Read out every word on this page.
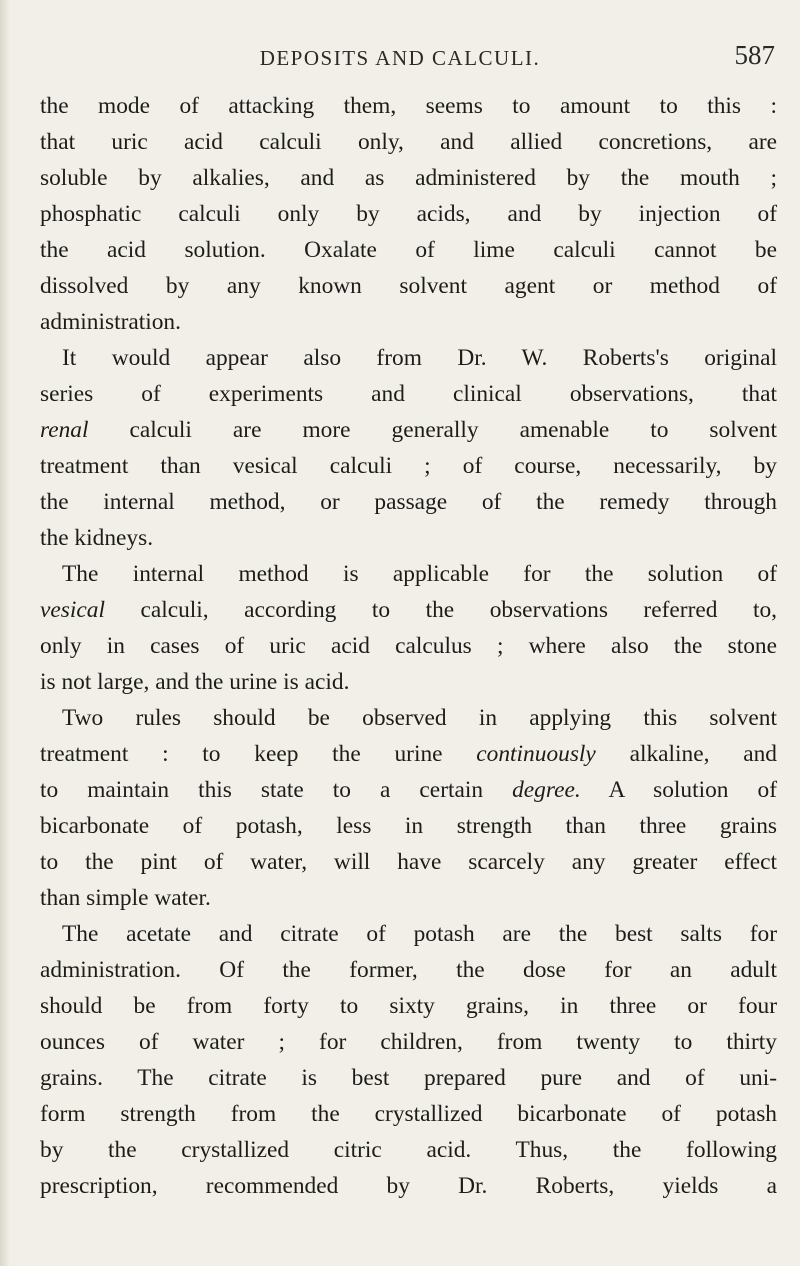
DEPOSITS AND CALCULI.	587
the mode of attacking them, seems to amount to this :
that uric acid calculi only, and allied concretions, are
soluble by alkalies, and as administered by the mouth ;
phosphatic calculi only by acids, and by injection of
the acid solution. Oxalate of lime calculi cannot be
dissolved by any known solvent agent or method of
administration.
It would appear also from Dr. W. Roberts's original
series of experiments and clinical observations, that
renal calculi are more generally amenable to solvent
treatment than vesical calculi ; of course, necessarily, by
the internal method, or passage of the remedy through
the kidneys.
The internal method is applicable for the solution of
vesical calculi, according to the observations referred to,
only in cases of uric acid calculus ; where also the stone
is not large, and the urine is acid.
Two rules should be observed in applying this solvent
treatment : to keep the urine continuously alkaline, and
to maintain this state to a certain degree. A solution of
bicarbonate of potash, less in strength than three grains
to the pint of water, will have scarcely any greater effect
than simple water.
The acetate and citrate of potash are the best salts for
administration. Of the former, the dose for an adult
should be from forty to sixty grains, in three or four
ounces of water ; for children, from twenty to thirty
grains. The citrate is best prepared pure and of uni-
form strength from the crystallized bicarbonate of potash
by the crystallized citric acid. Thus, the following
prescription, recommended by Dr. Roberts, yields a
